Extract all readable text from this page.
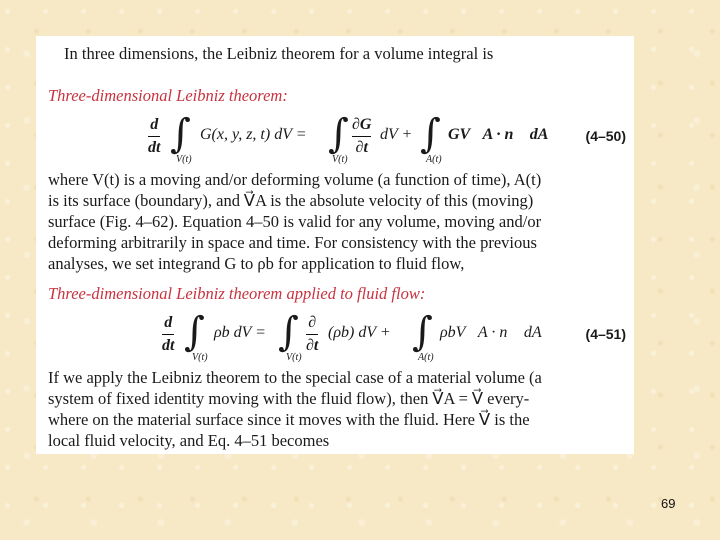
In three dimensions, the Leibniz theorem for a volume integral is
Three-dimensional Leibniz theorem:
d
dt ∫
V(t)
G(x, y, z, t) dV = ∫
V(t)
∂G
∂t
dV + ∫
A(t)
GV⃗A · n⃗ dA	(4–50)
where V(t) is a moving and/or deforming volume (a function of time), A(t)
is its surface (boundary), and V⃗A is the absolute velocity of this (moving)
surface (Fig. 4–62). Equation 4–50 is valid for any volume, moving and/or
deforming arbitrarily in space and time. For consistency with the previous
analyses, we set integrand G to ρb for application to fluid flow,
Three-dimensional Leibniz theorem applied to fluid flow:
d
dt ∫
V(t)
ρb dV = ∫
V(t)
∂
∂t
(ρb) dV + ∫
A(t)
ρbV⃗A · n⃗ dA	(4–51)
If we apply the Leibniz theorem to the special case of a material volume (a
system of fixed identity moving with the fluid flow), then V⃗A = V⃗ every-
where on the material surface since it moves with the fluid. Here V⃗ is the
local fluid velocity, and Eq. 4–51 becomes
69
